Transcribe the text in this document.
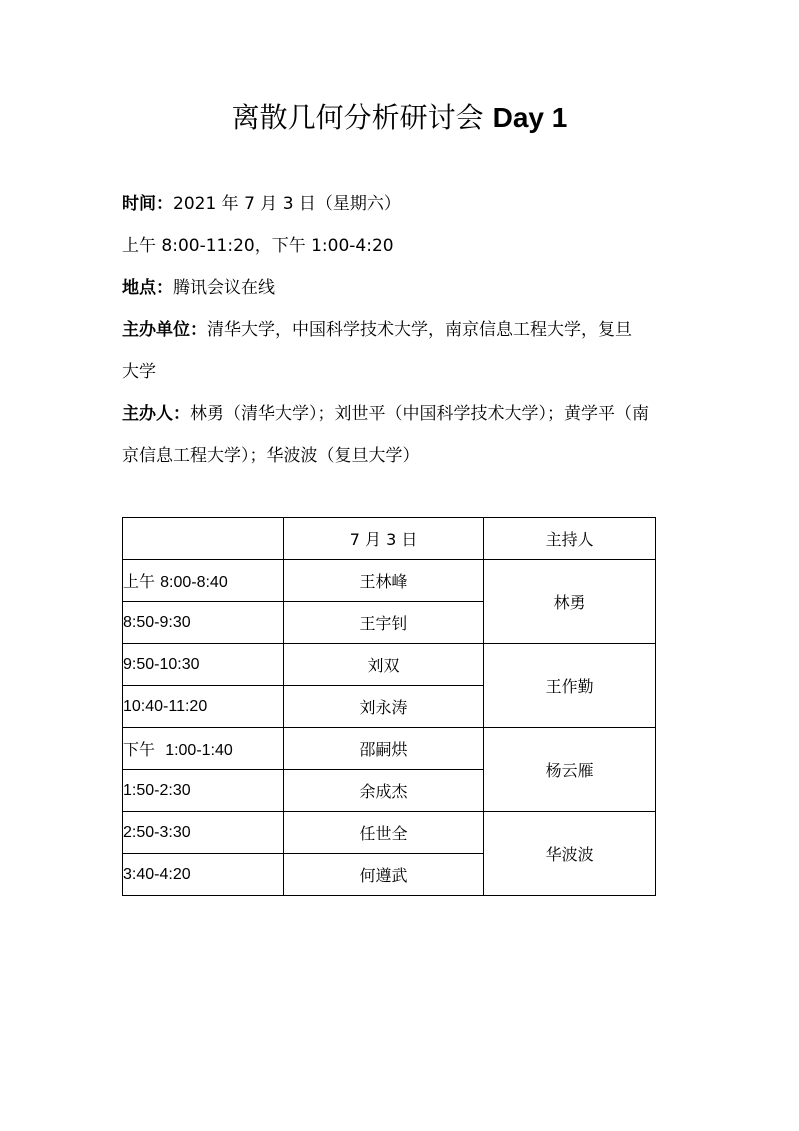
离散几何分析研讨会 Day 1
时间：2021 年 7 月 3 日（星期六）
上午 8:00-11:20，下午 1:00-4:20
地点：腾讯会议在线
主办单位：清华大学，中国科学技术大学，南京信息工程大学，复旦
大学
主办人：林勇（清华大学）；刘世平（中国科学技术大学）；黄学平（南
京信息工程大学）；华波波（复旦大学）
	7 月 3 日	主持人
上午 8:00-8:40	王林峰	林勇
8:50-9:30	王宇钊	
9:50-10:30	刘双	王作勤
10:40-11:20	刘永涛	
下午 1:00-1:40	邵嗣烘	杨云雁
1:50-2:30	余成杰	
2:50-3:30	任世全	华波波
3:40-4:20	何遵武	
